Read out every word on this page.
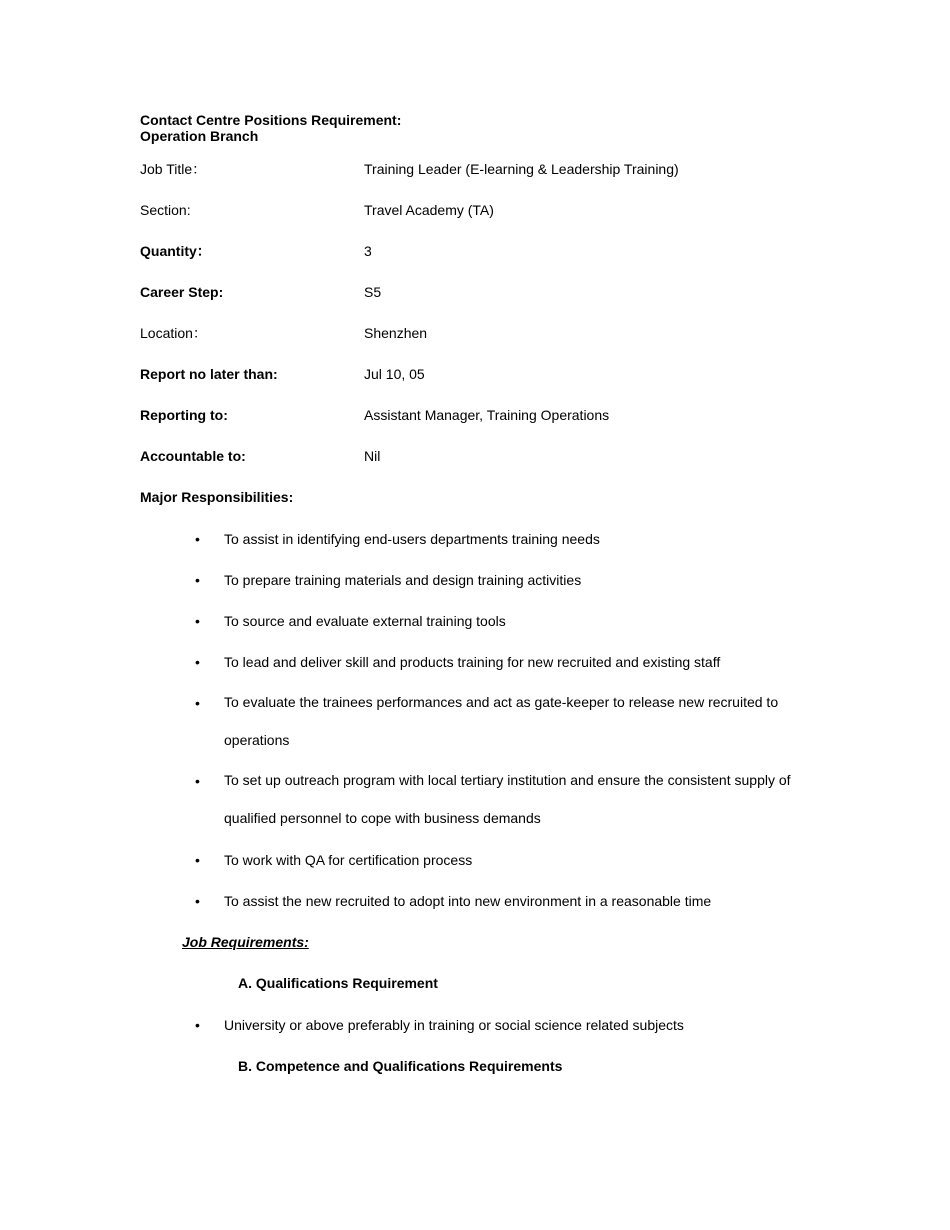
Contact Centre Positions Requirement:
Operation Branch
Job Title：	Training Leader (E-learning & Leadership Training)
Section:	Travel Academy (TA)
Quantity：	3
Career Step:	S5
Location：	Shenzhen
Report no later than:	Jul 10, 05
Reporting to:	Assistant Manager, Training Operations
Accountable to:	Nil
Major Responsibilities:
• To assist in identifying end-users departments training needs
• To prepare training materials and design training activities
• To source and evaluate external training tools
• To lead and deliver skill and products training for new recruited and existing staff
• To evaluate the trainees performances and act as gate-keeper to release new recruited to operations
• To set up outreach program with local tertiary institution and ensure the consistent supply of qualified personnel to cope with business demands
• To work with QA for certification process
• To assist the new recruited to adopt into new environment in a reasonable time
Job Requirements:
A. Qualifications Requirement
• University or above preferably in training or social science related subjects
B. Competence and Qualifications Requirements
